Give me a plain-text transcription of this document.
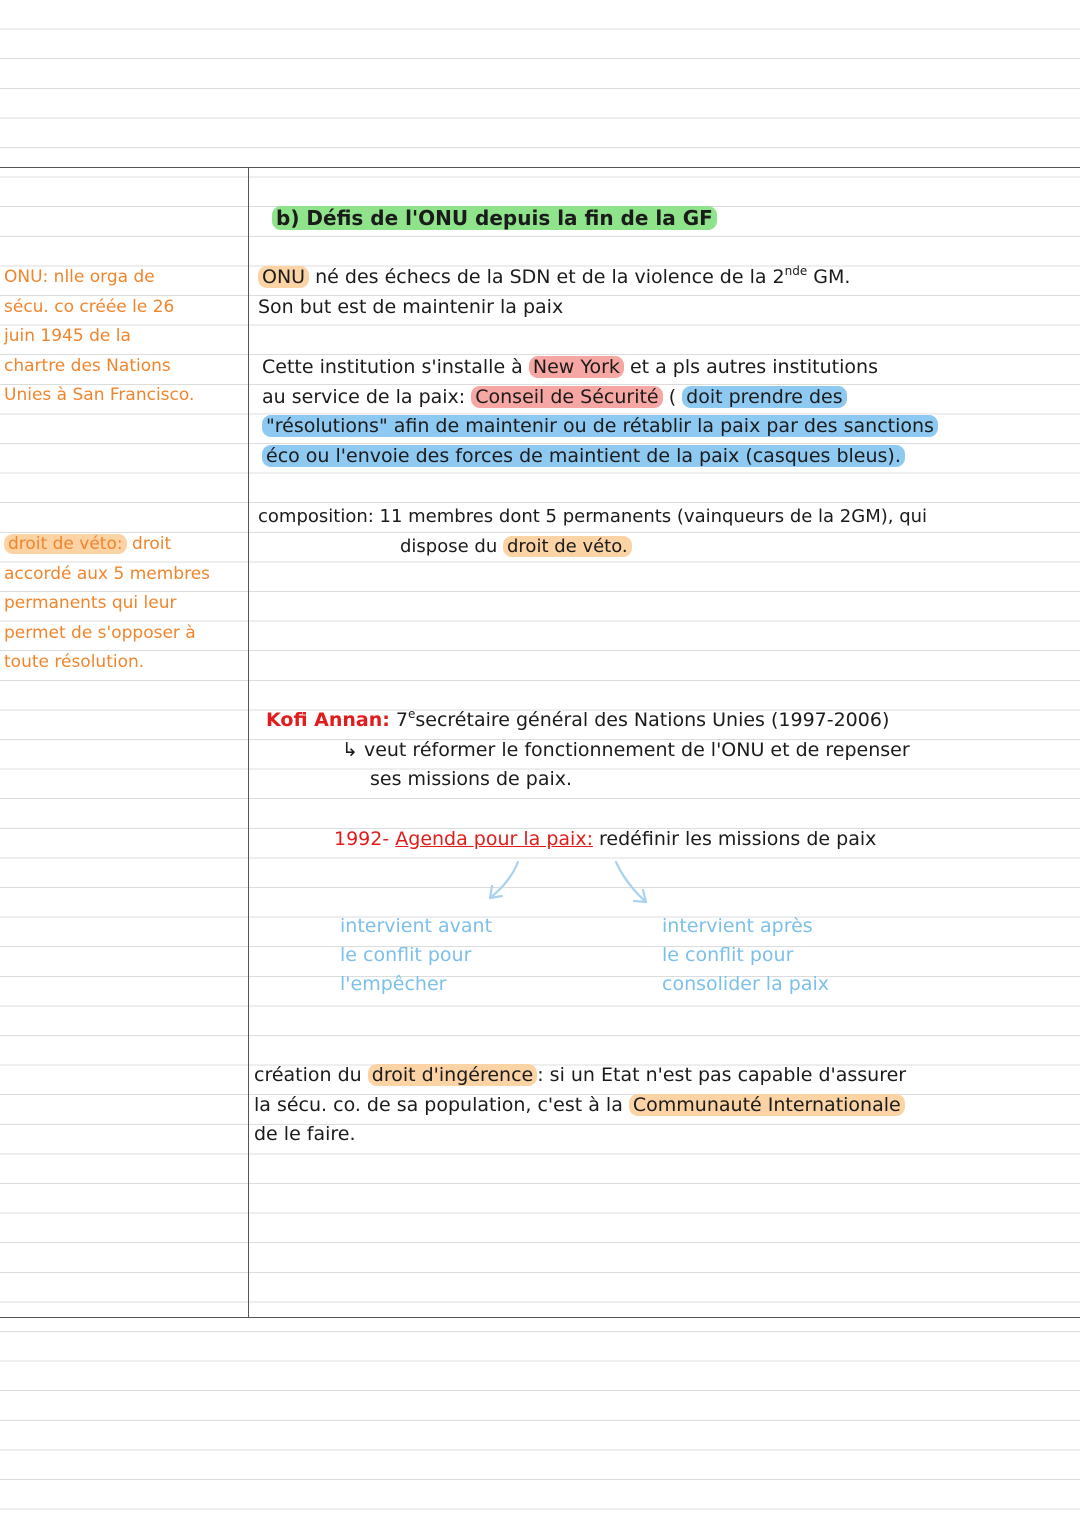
ONU: nlle orga de
sécu. co créée le 26
juin 1945 de la
chartre des Nations
Unies à San Francisco.
droit de véto: droit
accordé aux 5 membres
permanents qui leur
permet de s'opposer à
toute résolution.
b) Défis de l'ONU depuis la fin de la GF
ONU né des échecs de la SDN et de la violence de la 2nde GM.
Son but est de maintenir la paix
Cette institution s'installe à New York et a pls autres institutions
au service de la paix: Conseil de Sécurité ( doit prendre des
"résolutions" afin de maintenir ou de rétablir la paix par des sanctions
éco ou l'envoie des forces de maintient de la paix (casques bleus).
composition: 11 membres dont 5 permanents (vainqueurs de la 2GM), qui
dispose du droit de véto.
Kofi Annan: 7esecrétaire général des Nations Unies (1997-2006)
↳ veut réformer le fonctionnement de l'ONU et de repenser
ses missions de paix.
1992- Agenda pour la paix: redéfinir les missions de paix
intervient avant
le conflit pour
l'empêcher
intervient après
le conflit pour
consolider la paix
création du droit d'ingérence : si un Etat n'est pas capable d'assurer
la sécu. co. de sa population, c'est à la Communauté Internationale
de le faire.
